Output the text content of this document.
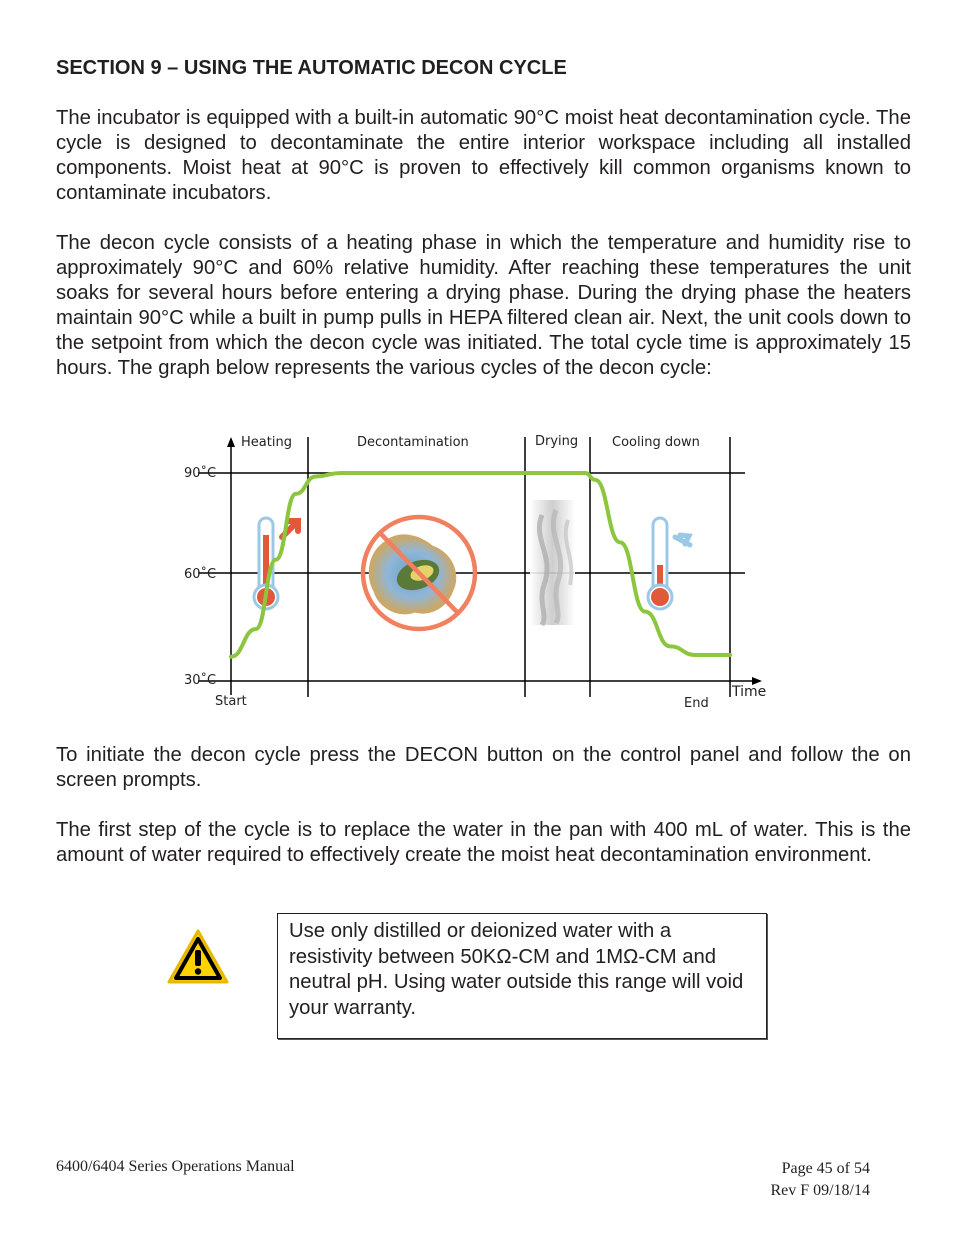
SECTION 9 – USING THE AUTOMATIC DECON CYCLE

The incubator is equipped with a built-in automatic 90°C moist heat decontamination cycle. The cycle is designed to decontaminate the entire interior workspace including all installed components. Moist heat at 90°C is proven to effectively kill common organisms known to contaminate incubators.

The decon cycle consists of a heating phase in which the temperature and humidity rise to approximately 90°C and 60% relative humidity. After reaching these temperatures the unit soaks for several hours before entering a drying phase. During the drying phase the heaters maintain 90°C while a built in pump pulls in HEPA filtered clean air. Next, the unit cools down to the setpoint from which the decon cycle was initiated. The total cycle time is approximately 15 hours. The graph below represents the various cycles of the decon cycle:

Heating	Decontamination	Drying	Cooling down
90˚C
60˚C
30˚C
Start	End
Time

To initiate the decon cycle press the DECON button on the control panel and follow the on screen prompts.

The first step of the cycle is to replace the water in the pan with 400 mL of water. This is the amount of water required to effectively create the moist heat decontamination environment.

Use only distilled or deionized water with a resistivity between 50KΩ-CM and 1MΩ-CM and neutral pH. Using water outside this range will void your warranty.
6400/6404 Series Operations Manual	Page 45 of 54
Rev F 09/18/14
